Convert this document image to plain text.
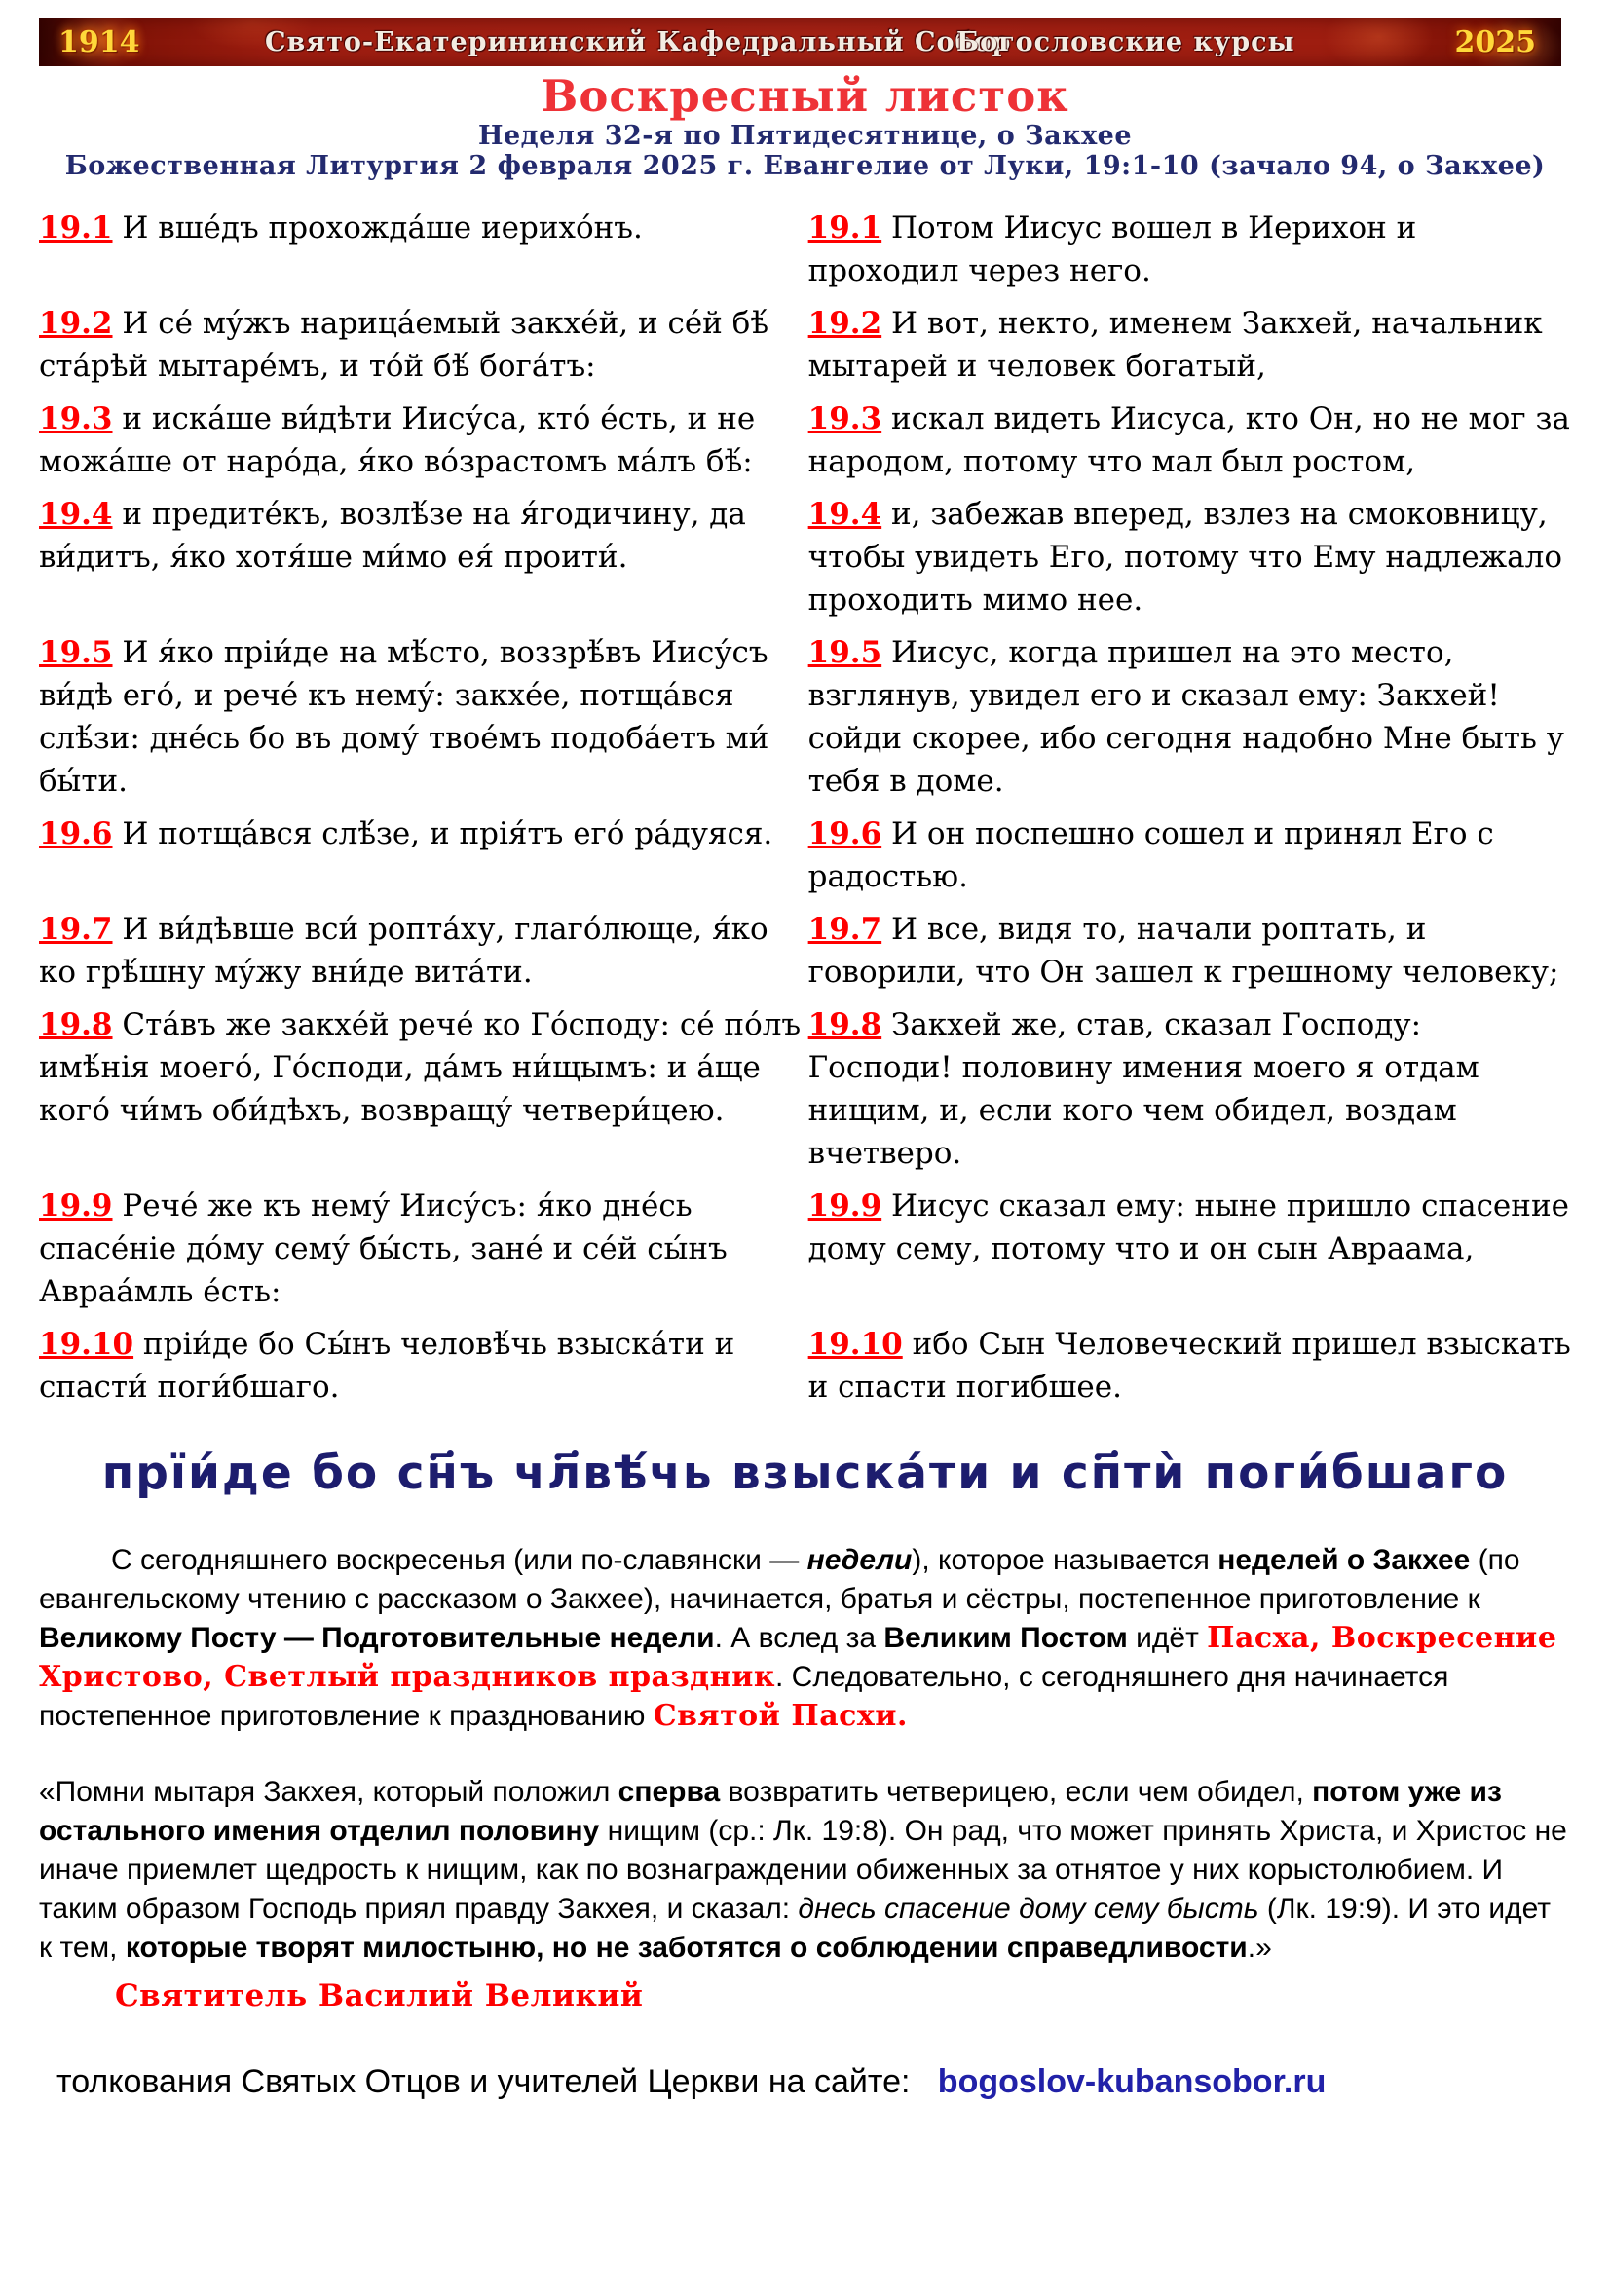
1914	Свято-Екатерининский Кафедральный Собор
Богословские курсы	2025
Воскресный листок
Неделя 32-я по Пятидесятнице, о Закхее
Божественная Литургия 2 февраля 2025 г. Евангелие от Луки, 19:1-10 (зачало 94, о Закхее)
19.1 И вше́дъ прохожда́ше иерихо́нъ.	19.1 Потом Иисус вошел в Иерихон и проходил через него.
19.2 И се́ му́жъ нарица́емый закхе́й, и се́й бѣ́ ста́рѣй мытаре́мъ, и то́й бѣ́ бога́тъ:	19.2 И вот, некто, именем Закхей, начальник мытарей и человек богатый,
19.3 и иска́ше ви́дѣти Иису́са, кто́ е́сть, и не можа́ше от наро́да, я́ко во́зрастомъ ма́лъ бѣ́:	19.3 искал видеть Иисуса, кто Он, но не мог за народом, потому что мал был ростом,
19.4 и предите́къ, возлѣ́зе на я́годичину, да ви́дитъ, я́ко хотя́ше ми́мо ея́ проити́.	19.4 и, забежав вперед, взлез на смоковницу, чтобы увидеть Его, потому что Ему надлежало проходить мимо нее.
19.5 И я́ко пріи́де на мѣ́сто, воззрѣ́въ Иису́съ ви́дѣ его́, и рече́ къ нему́: закхе́е, потща́вся слѣ́зи: дне́сь бо въ дому́ твое́мъ подоба́етъ ми́ бы́ти.	19.5 Иисус, когда пришел на это место, взглянув, увидел его и сказал ему: Закхей! сойди скорее, ибо сегодня надобно Мне быть у тебя в доме.
19.6 И потща́вся слѣ́зе, и прія́тъ его́ ра́дуяся.	19.6 И он поспешно сошел и принял Его с радостью.
19.7 И ви́дѣвше вси́ ропта́ху, глаго́люще, я́ко ко грѣ́шну му́жу вни́де вита́ти.	19.7 И все, видя то, начали роптать, и говорили, что Он зашел к грешному человеку;
19.8 Ста́въ же закхе́й рече́ ко Го́споду: се́ по́лъ имѣ́нія моего́, Го́споди, да́мъ ни́щымъ: и а́ще кого́ чи́мъ оби́дѣхъ, возвращу́ четвери́цею.	19.8 Закхей же, став, сказал Господу: Господи! половину имения моего я отдам нищим, и, если кого чем обидел, воздам вчетверо.
19.9 Рече́ же къ нему́ Иису́съ: я́ко дне́сь спасе́ніе до́му сему́ бы́сть, зане́ и се́й сы́нъ Авраа́мль е́сть:	19.9 Иисус сказал ему: ныне пришло спасение дому сему, потому что и он сын Авраама,
19.10 пріи́де бо Сы́нъ человѣ́чь взыска́ти и спасти́ поги́бшаго.	19.10 ибо Сын Человеческий пришел взыскать и спасти погибшее.
прїи́де бо сн҃ъ чл҃вѣ́чь взыска́ти и сп҃тѝ поги́бшаго

С сегодняшнего воскресенья (или по-славянски — недели), которое называется неделей о Закхее (по евангельскому чтению с рассказом о Закхее), начинается, братья и сёстры, постепенное приготовление к Великому Посту — Подготовительные недели. А вслед за Великим Постом идёт Пасха, Воскресение Христово, Светлый праздников праздник. Следовательно, с сегодняшнего дня начинается постепенное приготовление к празднованию Святой Пасхи.

«Помни мытаря Закхея, который положил сперва возвратить четверицею, если чем обидел, потом уже из остального имения отделил половину нищим (ср.: Лк. 19:8). Он рад, что может принять Христа, и Христос не иначе приемлет щедрость к нищим, как по вознаграждении обиженных за отнятое у них корыстолюбием. И таким образом Господь приял правду Закхея, и сказал: днесь спасение дому сему бысть (Лк. 19:9). И это идет к тем, которые творят милостыню, но не заботятся о соблюдении справедливости.»

Святитель Василий Великий
толкования Святых Отцов и учителей Церкви на сайте: bogoslov-kubansobor.ru
